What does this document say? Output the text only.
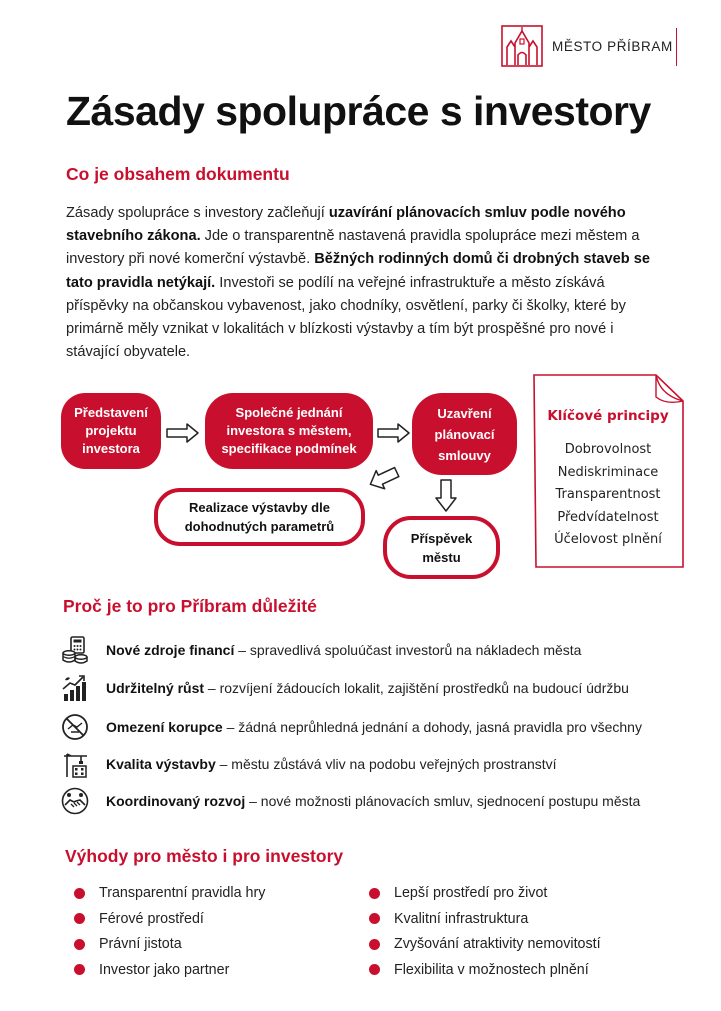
MĚSTO PŘÍBRAM
Zásady spolupráce s investory
Co je obsahem dokumentu

Zásady spolupráce s investory začleňují uzavírání plánovacích smluv podle nového stavebního zákona. Jde o transparentně nastavená pravidla spolupráce mezi městem a investory při nové komerční výstavbě. Běžných rodinných domů či drobných staveb se tato pravidla netýkají. Investoři se podílí na veřejné infrastruktuře a město získává příspěvky na občanskou vybavenost, jako chodníky, osvětlení, parky či školky, které by primárně měly vznikat v lokalitách v blízkosti výstavby a tím být prospěšné pro nové i stávající obyvatele.

Představení projektu investora
Společné jednání investora s městem, specifikace podmínek
Uzavření plánovací smlouvy
Realizace výstavby dle dohodnutých parametrů
Příspěvek městu
Klíčové principy
Dobrovolnost
Nediskriminace
Transparentnost
Předvídatelnost
Účelovost plnění
Proč je to pro Příbram důležité
Nové zdroje financí – spravedlivá spoluúčast investorů na nákladech města
Udržitelný růst – rozvíjení žádoucích lokalit, zajištění prostředků na budoucí údržbu
Omezení korupce – žádná neprůhledná jednání a dohody, jasná pravidla pro všechny
Kvalita výstavby – městu zůstává vliv na podobu veřejných prostranství
Koordinovaný rozvoj – nové možnosti plánovacích smluv, sjednocení postupu města
Výhody pro město i pro investory
Transparentní pravidla hry
Férové prostředí
Právní jistota
Investor jako partner
Lepší prostředí pro život
Kvalitní infrastruktura
Zvyšování atraktivity nemovitostí
Flexibilita v možnostech plnění
